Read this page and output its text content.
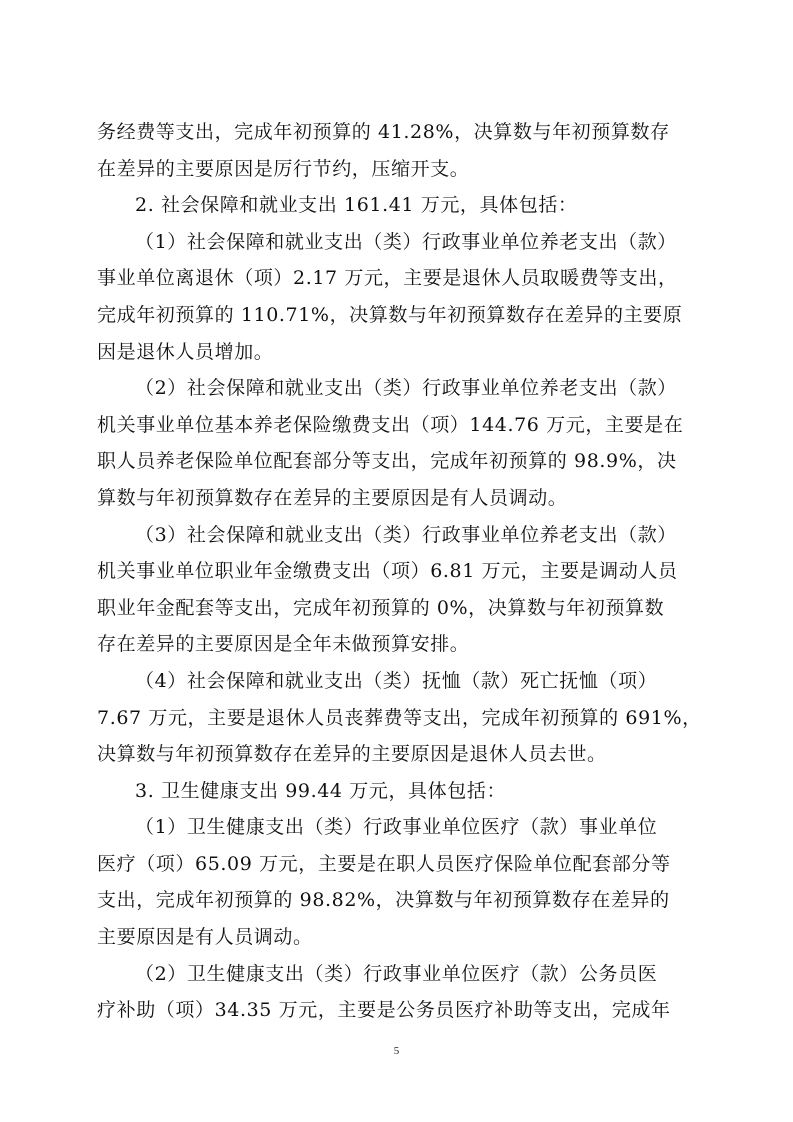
务经费等支出，完成年初预算的 41.28%，决算数与年初预算数存
在差异的主要原因是厉行节约，压缩开支。
2. 社会保障和就业支出 161.41 万元，具体包括：
（1）社会保障和就业支出（类）行政事业单位养老支出（款）
事业单位离退休（项）2.17 万元，主要是退休人员取暖费等支出，
完成年初预算的 110.71%，决算数与年初预算数存在差异的主要原
因是退休人员增加。
（2）社会保障和就业支出（类）行政事业单位养老支出（款）
机关事业单位基本养老保险缴费支出（项）144.76 万元，主要是在
职人员养老保险单位配套部分等支出，完成年初预算的 98.9%，决
算数与年初预算数存在差异的主要原因是有人员调动。
（3）社会保障和就业支出（类）行政事业单位养老支出（款）
机关事业单位职业年金缴费支出（项）6.81 万元，主要是调动人员
职业年金配套等支出，完成年初预算的 0%，决算数与年初预算数
存在差异的主要原因是全年未做预算安排。
（4）社会保障和就业支出（类）抚恤（款）死亡抚恤（项）
7.67 万元，主要是退休人员丧葬费等支出，完成年初预算的 691%，
决算数与年初预算数存在差异的主要原因是退休人员去世。
3. 卫生健康支出 99.44 万元，具体包括：
（1）卫生健康支出（类）行政事业单位医疗（款）事业单位
医疗（项）65.09 万元，主要是在职人员医疗保险单位配套部分等
支出，完成年初预算的 98.82%，决算数与年初预算数存在差异的
主要原因是有人员调动。
（2）卫生健康支出（类）行政事业单位医疗（款）公务员医
疗补助（项）34.35 万元，主要是公务员医疗补助等支出，完成年
5
